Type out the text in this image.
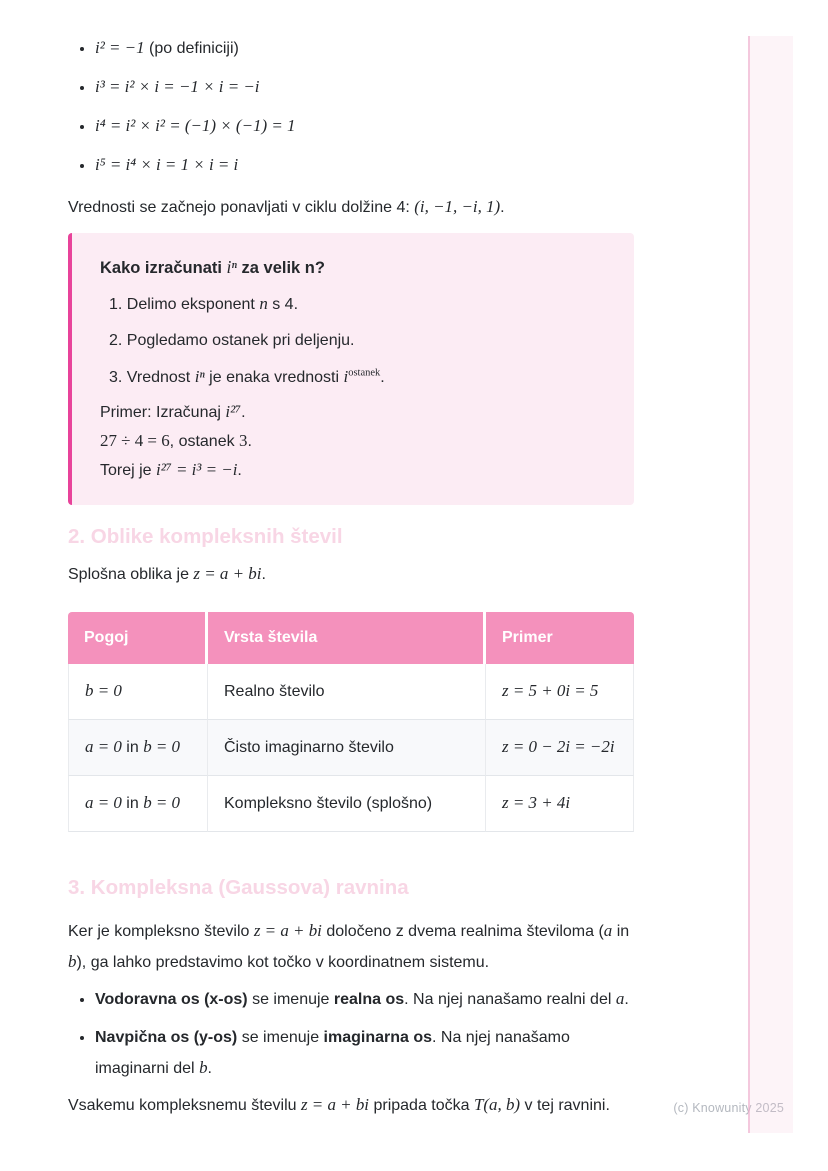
• i² = −1 (po definiciji)
• i³ = i² × i = −1 × i = −i
• i⁴ = i² × i² = (−1) × (−1) = 1
• i⁵ = i⁴ × i = 1 × i = i

Vrednosti se začnejo ponavljati v ciklu dolžine 4: (i, −1, −i, 1).

Kako izračunati iⁿ za velik n?
1. Delimo eksponent n s 4.
2. Pogledamo ostanek pri deljenju.
3. Vrednost iⁿ je enaka vrednosti $i^{ostanek}$.
Primer: Izračunaj i²⁷.
27 ÷ 4 = 6, ostanek 3.
Torej je i²⁷ = i³ = −i.
2. Oblike kompleksnih števil

Splošna oblika je z = a + bi.

Pogoj	Vrsta števila	Primer
b = 0	Realno število	z = 5 + 0i = 5
a = 0 in b = 0	Čisto imaginarno število	z = 0 − 2i = −2i
a = 0 in b = 0	Kompleksno število (splošno)	z = 3 + 4i
3. Kompleksna (Gaussova) ravnina

Ker je kompleksno število z = a + bi določeno z dvema realnima številoma (a in b), ga lahko predstavimo kot točko v koordinatnem sistemu.

• Vodoravna os (x-os) se imenuje realna os. Na njej nanašamo realni del a.
• Navpična os (y-os) se imenuje imaginarna os. Na njej nanašamo imaginarni del b.

Vsakemu kompleksnemu številu z = a + bi pripada točka T(a, b) v tej ravnini.	(c) Knowunity 2025
